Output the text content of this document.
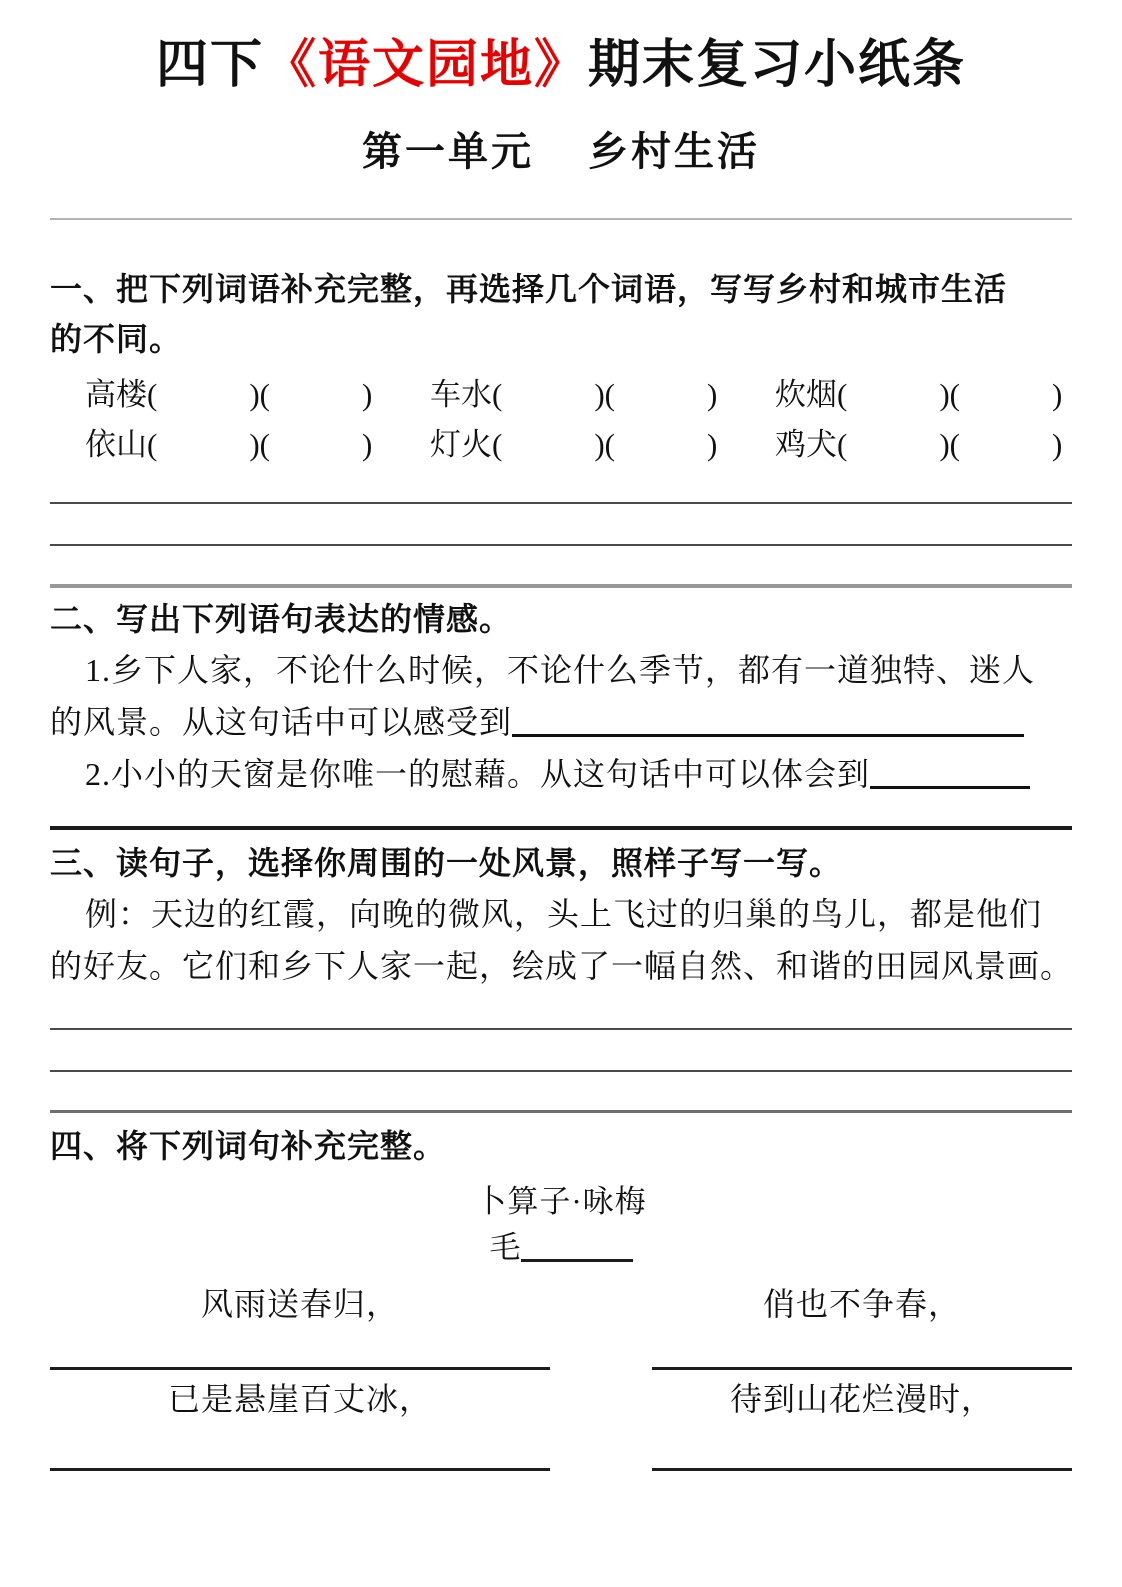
四下《语文园地》期末复习小纸条
第一单元 乡村生活
一、把下列词语补充完整，再选择几个词语，写写乡村和城市生活
的不同。
高楼(	)(	)	车水(	)(	)	炊烟(	)(	)
依山(	)(	)	灯火(	)(	)	鸡犬(	)(	)
二、写出下列语句表达的情感。
1.乡下人家，不论什么时候，不论什么季节，都有一道独特、迷人
的风景。从这句话中可以感受到
2.小小的天窗是你唯一的慰藉。从这句话中可以体会到
三、读句子，选择你周围的一处风景，照样子写一写。
例：天边的红霞，向晚的微风，头上飞过的归巢的鸟儿，都是他们
的好友。它们和乡下人家一起，绘成了一幅自然、和谐的田园风景画。
四、将下列词句补充完整。
卜算子·咏梅
毛
风雨送春归，	俏也不争春，
已是悬崖百丈冰，	待到山花烂漫时，
